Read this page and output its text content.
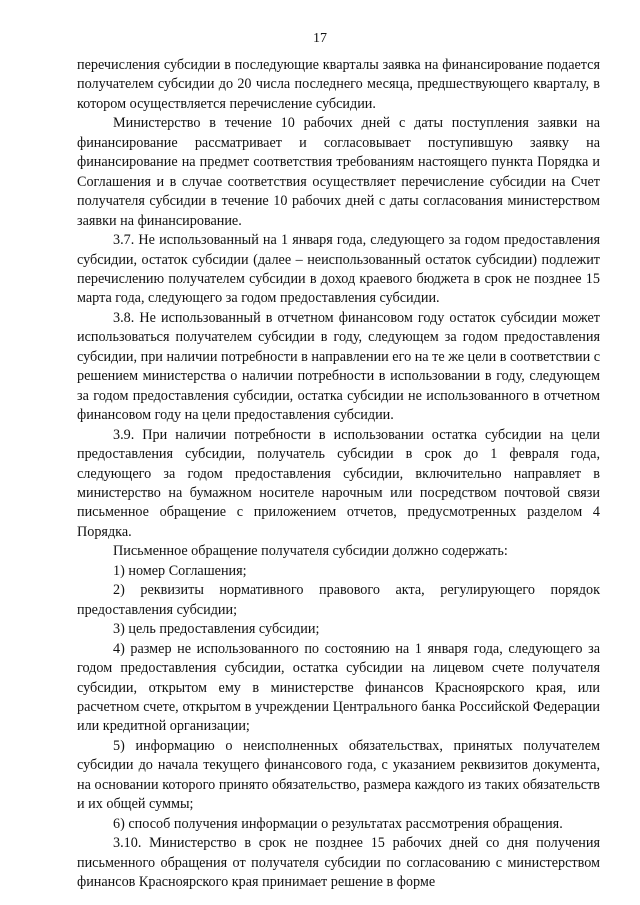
17

перечисления субсидии в последующие кварталы заявка на финансирование подается получателем субсидии до 20 числа последнего месяца, предшествующего кварталу, в котором осуществляется перечисление субсидии.

Министерство в течение 10 рабочих дней с даты поступления заявки на финансирование рассматривает и согласовывает поступившую заявку на финансирование на предмет соответствия требованиям настоящего пункта Порядка и Соглашения и в случае соответствия осуществляет перечисление субсидии на Счет получателя субсидии в течение 10 рабочих дней с даты согласования министерством заявки на финансирование.

3.7. Не использованный на 1 января года, следующего за годом предоставления субсидии, остаток субсидии (далее – неиспользованный остаток субсидии) подлежит перечислению получателем субсидии в доход краевого бюджета в срок не позднее 15 марта года, следующего за годом предоставления субсидии.

3.8. Не использованный в отчетном финансовом году остаток субсидии может использоваться получателем субсидии в году, следующем за годом предоставления субсидии, при наличии потребности в направлении его на те же цели в соответствии с решением министерства о наличии потребности в использовании в году, следующем за годом предоставления субсидии, остатка субсидии не использованного в отчетном финансовом году на цели предоставления субсидии.

3.9. При наличии потребности в использовании остатка субсидии на цели предоставления субсидии, получатель субсидии в срок до 1 февраля года, следующего за годом предоставления субсидии, включительно направляет в министерство на бумажном носителе нарочным или посредством почтовой связи письменное обращение с приложением отчетов, предусмотренных разделом 4 Порядка.

Письменное обращение получателя субсидии должно содержать:

1) номер Соглашения;

2) реквизиты нормативного правового акта, регулирующего порядок предоставления субсидии;

3) цель предоставления субсидии;

4) размер не использованного по состоянию на 1 января года, следующего за годом предоставления субсидии, остатка субсидии на лицевом счете получателя субсидии, открытом ему в министерстве финансов Красноярского края, или расчетном счете, открытом в учреждении Центрального банка Российской Федерации или кредитной организации;

5) информацию о неисполненных обязательствах, принятых получателем субсидии до начала текущего финансового года, с указанием реквизитов документа, на основании которого принято обязательство, размера каждого из таких обязательств и их общей суммы;

6) способ получения информации о результатах рассмотрения обращения.

3.10. Министерство в срок не позднее 15 рабочих дней со дня получения письменного обращения от получателя субсидии по согласованию с министерством финансов Красноярского края принимает решение в форме
